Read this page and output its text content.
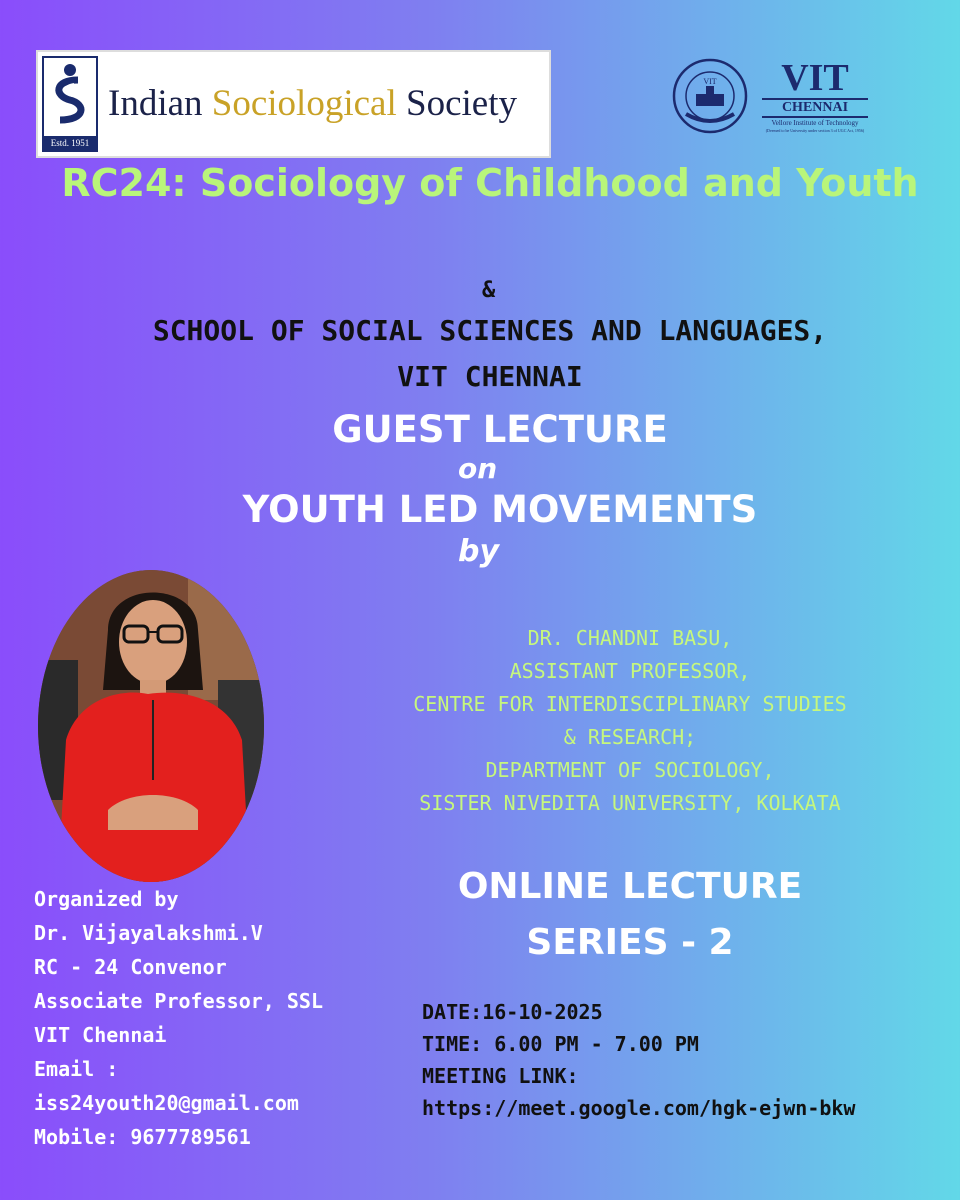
Estd. 1951
Indian Sociological Society
VIT	VIT
CHENNAI
Vellore Institute of Technology
(Deemed to be University under section 3 of UGC Act, 1956)
RC24: Sociology of Childhood and Youth
&
SCHOOL OF SOCIAL SCIENCES AND LANGUAGES,
VIT CHENNAI
GUEST LECTURE
on
YOUTH LED MOVEMENTS
by
DR. CHANDNI BASU,
ASSISTANT PROFESSOR,
CENTRE FOR INTERDISCIPLINARY STUDIES
& RESEARCH;
DEPARTMENT OF SOCIOLOGY,
SISTER NIVEDITA UNIVERSITY, KOLKATA
ONLINE LECTURE
SERIES - 2
DATE:16-10-2025
TIME: 6.00 PM - 7.00 PM
MEETING LINK:
https://meet.google.com/hgk-ejwn-bkw
Organized by
Dr. Vijayalakshmi.V
RC - 24 Convenor
Associate Professor, SSL
VIT Chennai
Email :
iss24youth20@gmail.com
Mobile: 9677789561
